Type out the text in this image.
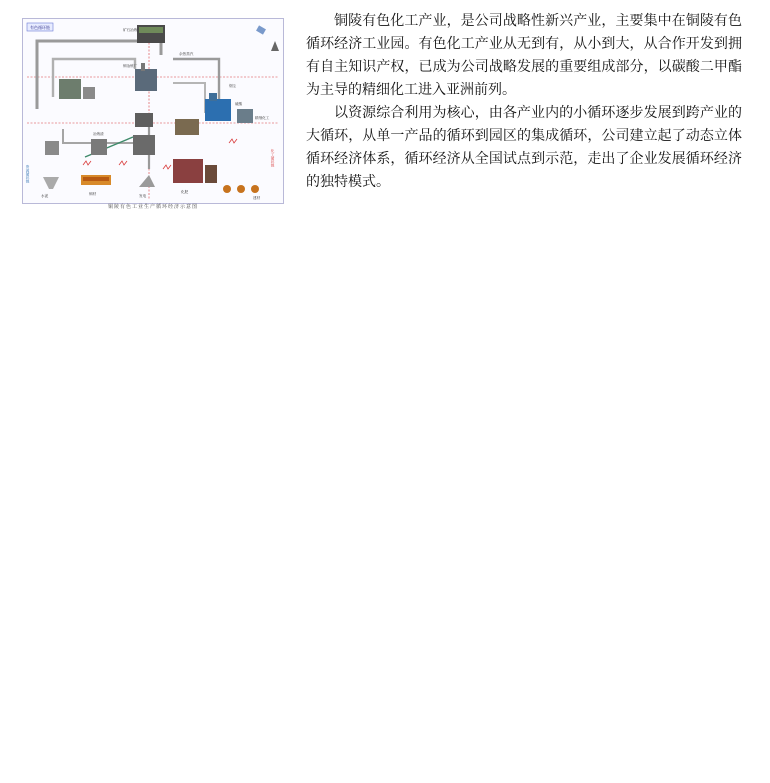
有色循环链	矿石冶炼
铜冶炼厂
硫酸
精细化工
烟尘
余热蒸汽
冶炼渣
水泥	铜材	发电
化肥
建材
化工循环链
资源循环链
铜陵有色工业生产循环经济示意图

铜陵有色化工产业，是公司战略性新兴产业，主要集中在铜陵有色循环经济工业园。有色化工产业从无到有，从小到大，从合作开发到拥有自主知识产权，已成为公司战略发展的重要组成部分，以碳酸二甲酯为主导的精细化工进入亚洲前列。

以资源综合利用为核心，由各产业内的小循环逐步发展到跨产业的大循环，从单一产品的循环到园区的集成循环，公司建立起了动态立体循环经济体系，循环经济从全国试点到示范，走出了企业发展循环经济的独特模式。
